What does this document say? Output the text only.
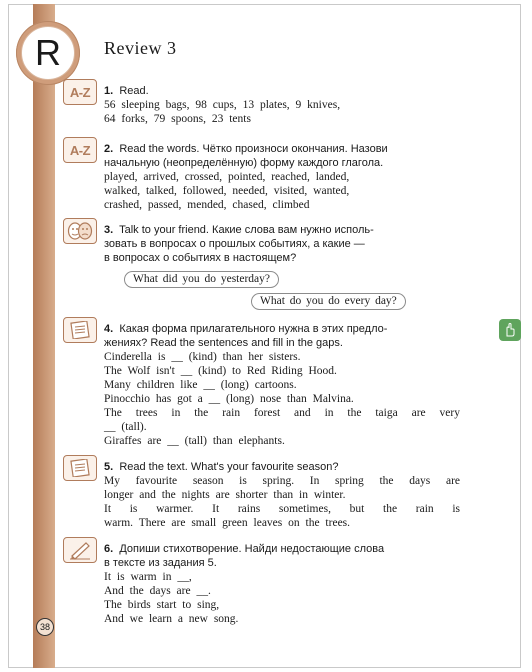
R	Review 3
A-Z 1. Read.
56 sleeping bags, 98 cups, 13 plates, 9 knives,
64 forks, 79 spoons, 23 tents
A-Z 2. Read the words. Чётко произноси окончания. Назови
начальную (неопределённую) форму каждого глагола.
played, arrived, crossed, pointed, reached, landed,
walked, talked, followed, needed, visited, wanted,
crashed, passed, mended, chased, climbed
3. Talk to your friend. Какие слова вам нужно исполь-
зовать в вопросах о прошлых событиях, а какие —
в вопросах о событиях в настоящем?
What did you do yesterday?
What do you do every day?
4. Какая форма прилагательного нужна в этих предло-
жениях? Read the sentences and fill in the gaps.
Cinderella is __ (kind) than her sisters.
The Wolf isn't __ (kind) to Red Riding Hood.
Many children like __ (long) cartoons.
Pinocchio has got a __ (long) nose than Malvina.
The trees in the rain forest and in the taiga are very
__ (tall).
Giraffes are __ (tall) than elephants.
5. Read the text. What's your favourite season?
My favourite season is spring. In spring the days are
longer and the nights are shorter than in winter.
It is warmer. It rains sometimes, but the rain is
warm. There are small green leaves on the trees.
6. Допиши стихотворение. Найди недостающие слова
в тексте из задания 5.
It is warm in __,
And the days are __.
The birds start to sing,
And we learn a new song.
38
